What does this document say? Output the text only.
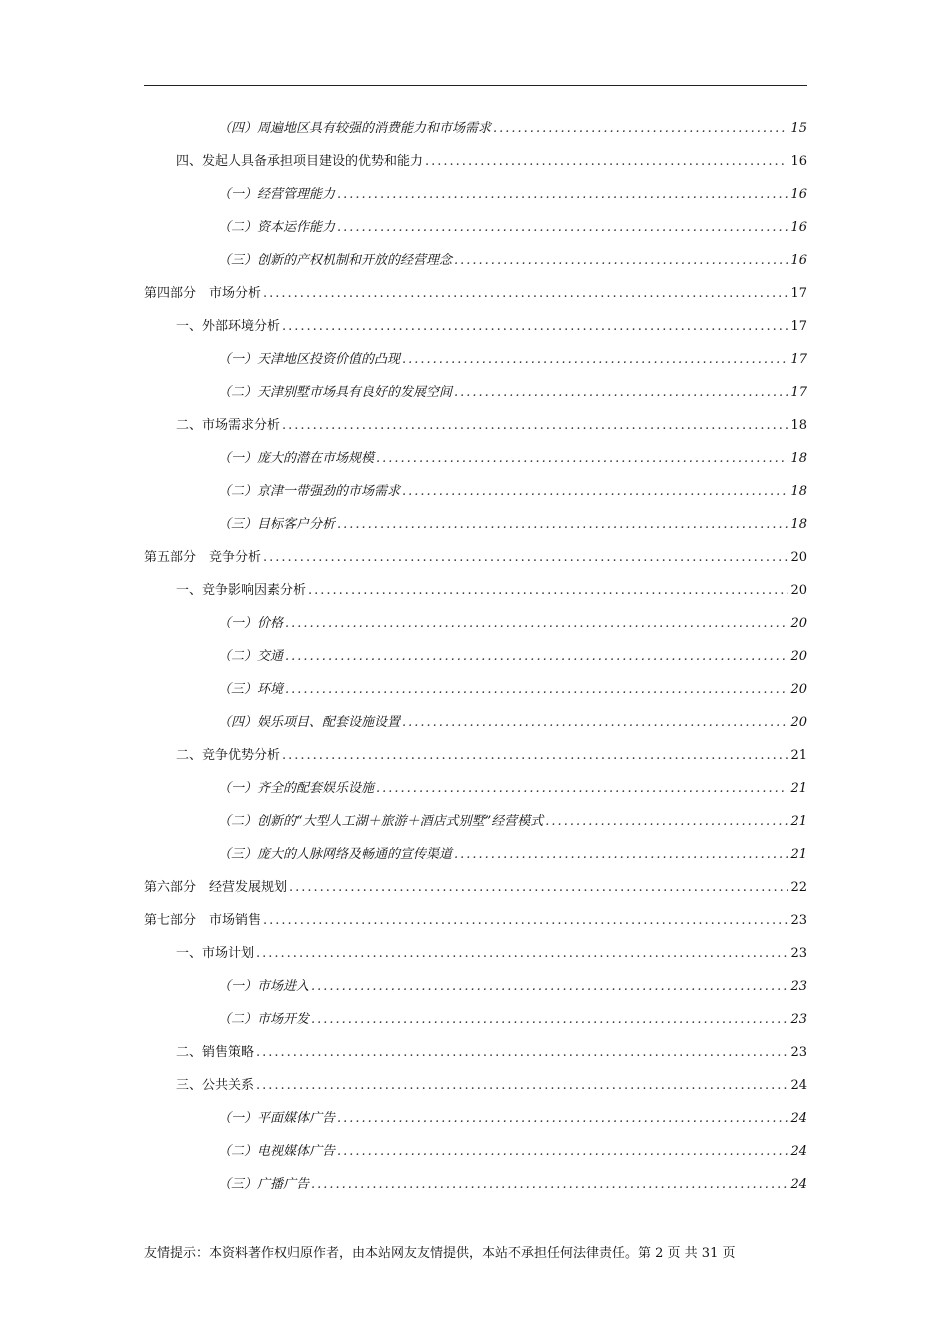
（四）周遍地区具有较强的消费能力和市场需求 .....	15
四、发起人具备承担项目建设的优势和能力 .....	16
（一）经营管理能力 .....	16
（二）资本运作能力 .....	16
（三）创新的产权机制和开放的经营理念 .....	16
第四部分　市场分析 .....	17
一、外部环境分析 .....	17
（一）天津地区投资价值的凸现 .....	17
（二）天津别墅市场具有良好的发展空间 .....	17
二、市场需求分析 .....	18
（一）庞大的潜在市场规模 .....	18
（二）京津一带强劲的市场需求 .....	18
（三）目标客户分析 .....	18
第五部分　竞争分析 .....	20
一、竞争影响因素分析 .....	20
（一）价格 .....	20
（二）交通 .....	20
（三）环境 .....	20
（四）娱乐项目、配套设施设置 .....	20
二、竞争优势分析 .....	21
（一）齐全的配套娱乐设施 .....	21
（二）创新的“大型人工湖＋旅游＋酒店式别墅”经营模式 .....	21
（三）庞大的人脉网络及畅通的宣传渠道 .....	21
第六部分　经营发展规划 .....	22
第七部分　市场销售 .....	23
一、市场计划 .....	23
（一）市场进入 .....	23
（二）市场开发 .....	23
二、销售策略 .....	23
三、公共关系 .....	24
（一）平面媒体广告 .....	24
（二）电视媒体广告 .....	24
（三）广播广告 .....	24
友情提示：本资料著作权归原作者，由本站网友友情提供，本站不承担任何法律责任。第 2 页 共 31 页
